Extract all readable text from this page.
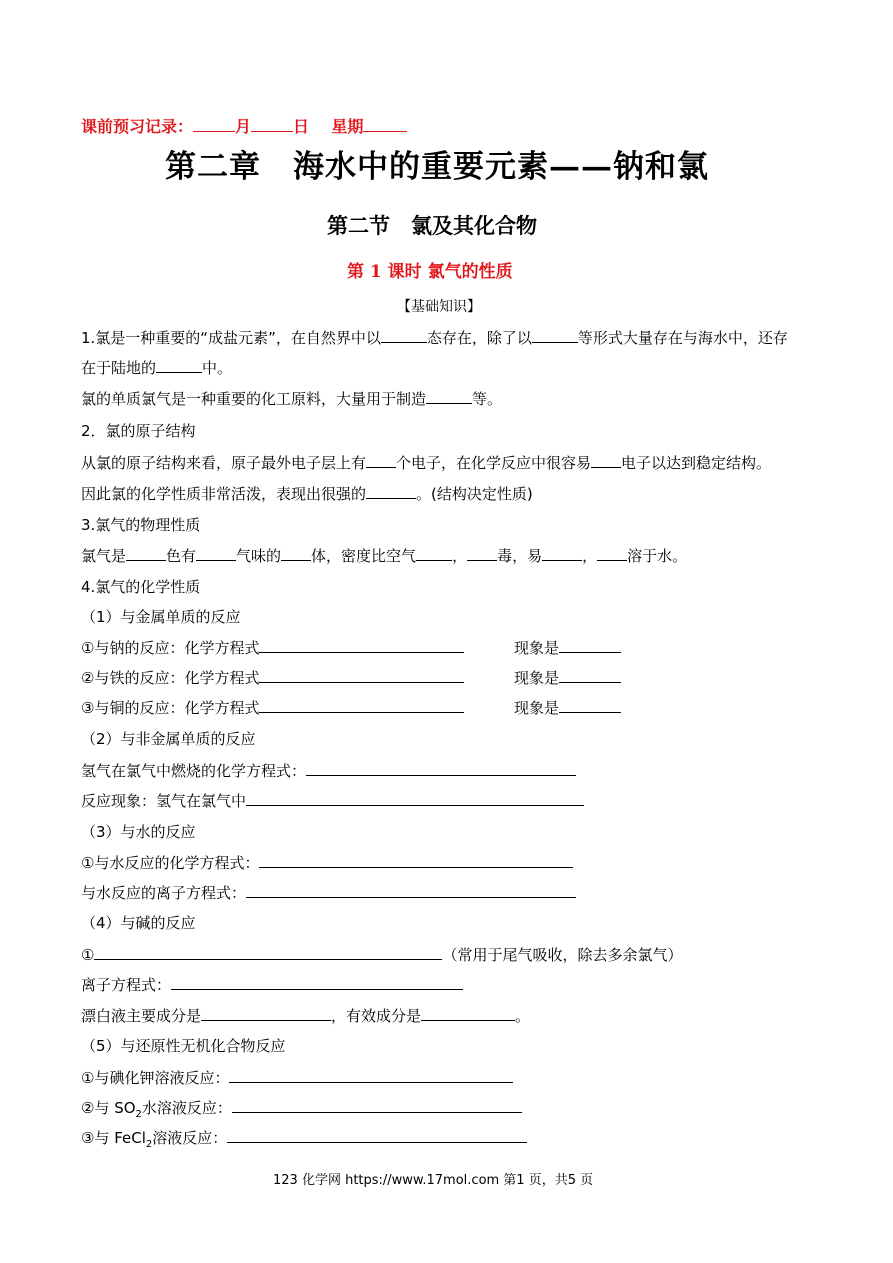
课前预习记录：	月	日 星期
第二章　海水中的重要元素——钠和氯
第二节　氯及其化合物
第 1 课时 氯气的性质
【基础知识】
1.氯是一种重要的“成盐元素”，在自然界中以	态存在，除了以	等形式大量存在与海水中，还存
在于陆地的	中。
氯的单质氯气是一种重要的化工原料，大量用于制造	等。
2．氯的原子结构
从氯的原子结构来看，原子最外电子层上有 个电子，在化学反应中很容易 电子以达到稳定结构。
因此氯的化学性质非常活泼，表现出很强的	。(结构决定性质)
3.氯气的物理性质
氯气是	色有	气味的 体，密度比空气 ， 毒，易	， 溶于水。
4.氯气的化学性质
（1）与金属单质的反应
①与钠的反应：化学方程式	现象是
②与铁的反应：化学方程式	现象是
③与铜的反应：化学方程式	现象是
（2）与非金属单质的反应
氢气在氯气中燃烧的化学方程式：
反应现象：氢气在氯气中
（3）与水的反应
①与水反应的化学方程式：
与水反应的离子方程式：
（4）与碱的反应
①	（常用于尾气吸收，除去多余氯气）
离子方程式：
漂白液主要成分是	，有效成分是	。
（5）与还原性无机化合物反应
①与碘化钾溶液反应：
②与 $SO_2$水溶液反应：
③与 FeCl$_2$溶液反应：
123 化学网 https://www.17mol.com 第1 页，共5 页
